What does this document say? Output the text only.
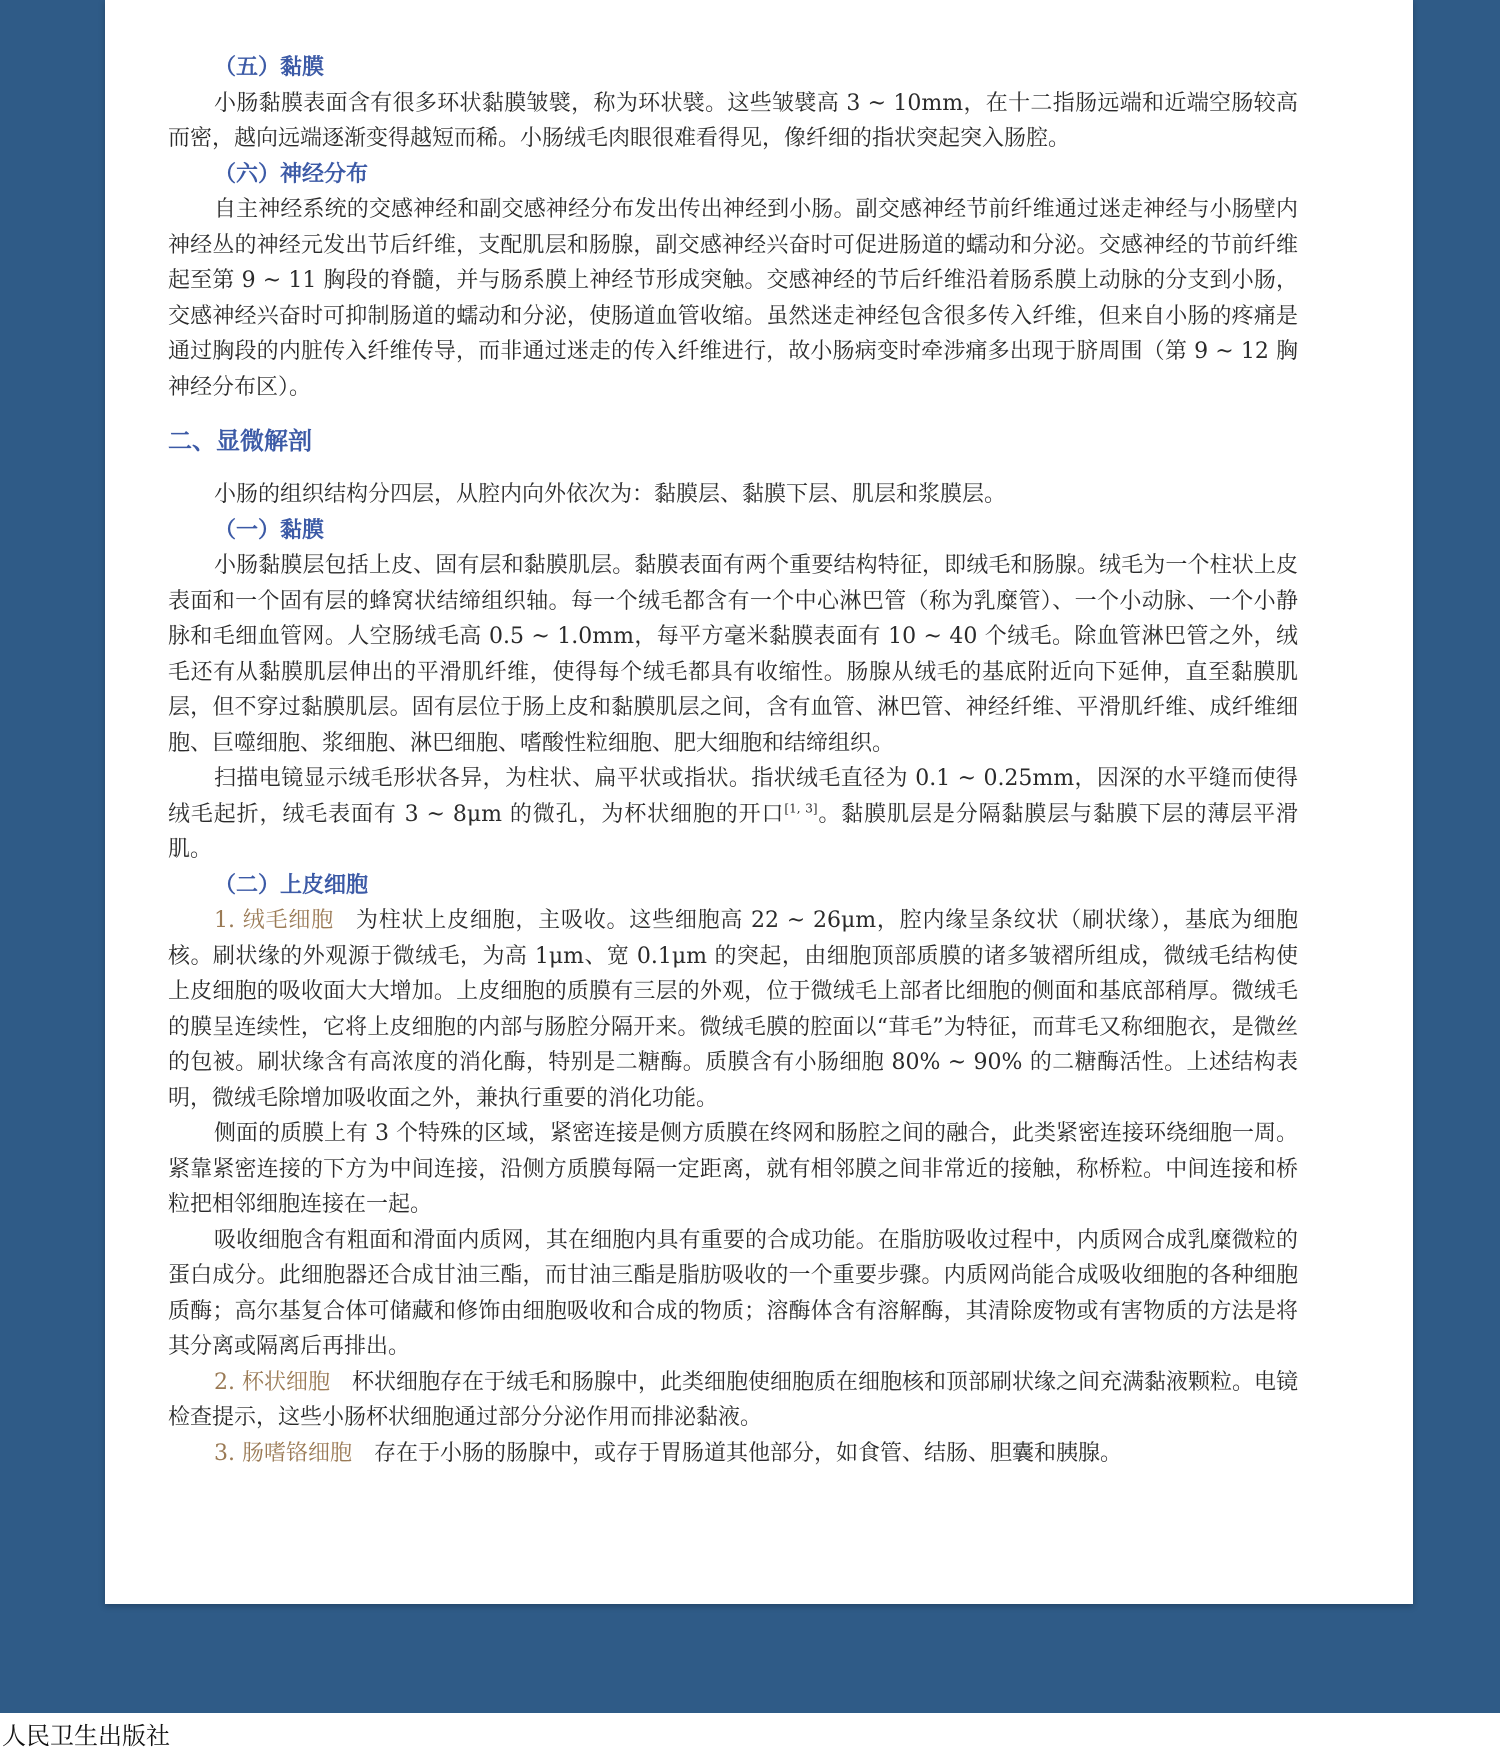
（五）黏膜

小肠黏膜表面含有很多环状黏膜皱襞，称为环状襞。这些皱襞高 3 ~ 10mm，在十二指肠远端和近端空肠较高而密，越向远端逐渐变得越短而稀。小肠绒毛肉眼很难看得见，像纤细的指状突起突入肠腔。

（六）神经分布

自主神经系统的交感神经和副交感神经分布发出传出神经到小肠。副交感神经节前纤维通过迷走神经与小肠壁内神经丛的神经元发出节后纤维，支配肌层和肠腺，副交感神经兴奋时可促进肠道的蠕动和分泌。交感神经的节前纤维起至第 9 ~ 11 胸段的脊髓，并与肠系膜上神经节形成突触。交感神经的节后纤维沿着肠系膜上动脉的分支到小肠，交感神经兴奋时可抑制肠道的蠕动和分泌，使肠道血管收缩。虽然迷走神经包含很多传入纤维，但来自小肠的疼痛是通过胸段的内脏传入纤维传导，而非通过迷走的传入纤维进行，故小肠病变时牵涉痛多出现于脐周围（第 9 ~ 12 胸神经分布区）。

二、显微解剖

小肠的组织结构分四层，从腔内向外依次为：黏膜层、黏膜下层、肌层和浆膜层。

（一）黏膜

小肠黏膜层包括上皮、固有层和黏膜肌层。黏膜表面有两个重要结构特征，即绒毛和肠腺。绒毛为一个柱状上皮表面和一个固有层的蜂窝状结缔组织轴。每一个绒毛都含有一个中心淋巴管（称为乳糜管）、一个小动脉、一个小静脉和毛细血管网。人空肠绒毛高 0.5 ~ 1.0mm，每平方毫米黏膜表面有 10 ~ 40 个绒毛。除血管淋巴管之外，绒毛还有从黏膜肌层伸出的平滑肌纤维，使得每个绒毛都具有收缩性。肠腺从绒毛的基底附近向下延伸，直至黏膜肌层，但不穿过黏膜肌层。固有层位于肠上皮和黏膜肌层之间，含有血管、淋巴管、神经纤维、平滑肌纤维、成纤维细胞、巨噬细胞、浆细胞、淋巴细胞、嗜酸性粒细胞、肥大细胞和结缔组织。

扫描电镜显示绒毛形状各异，为柱状、扁平状或指状。指状绒毛直径为 0.1 ~ 0.25mm，因深的水平缝而使得绒毛起折，绒毛表面有 3 ~ 8μm 的微孔，为杯状细胞的开口[1, 3]。黏膜肌层是分隔黏膜层与黏膜下层的薄层平滑肌。

（二）上皮细胞

1. 绒毛细胞 为柱状上皮细胞，主吸收。这些细胞高 22 ~ 26μm，腔内缘呈条纹状（刷状缘），基底为细胞核。刷状缘的外观源于微绒毛，为高 1μm、宽 0.1μm 的突起，由细胞顶部质膜的诸多皱褶所组成，微绒毛结构使上皮细胞的吸收面大大增加。上皮细胞的质膜有三层的外观，位于微绒毛上部者比细胞的侧面和基底部稍厚。微绒毛的膜呈连续性，它将上皮细胞的内部与肠腔分隔开来。微绒毛膜的腔面以“茸毛”为特征，而茸毛又称细胞衣，是微丝的包被。刷状缘含有高浓度的消化酶，特别是二糖酶。质膜含有小肠细胞 80% ~ 90% 的二糖酶活性。上述结构表明，微绒毛除增加吸收面之外，兼执行重要的消化功能。

侧面的质膜上有 3 个特殊的区域，紧密连接是侧方质膜在终网和肠腔之间的融合，此类紧密连接环绕细胞一周。紧靠紧密连接的下方为中间连接，沿侧方质膜每隔一定距离，就有相邻膜之间非常近的接触，称桥粒。中间连接和桥粒把相邻细胞连接在一起。

吸收细胞含有粗面和滑面内质网，其在细胞内具有重要的合成功能。在脂肪吸收过程中，内质网合成乳糜微粒的蛋白成分。此细胞器还合成甘油三酯，而甘油三酯是脂肪吸收的一个重要步骤。内质网尚能合成吸收细胞的各种细胞质酶；高尔基复合体可储藏和修饰由细胞吸收和合成的物质；溶酶体含有溶解酶，其清除废物或有害物质的方法是将其分离或隔离后再排出。

2. 杯状细胞 杯状细胞存在于绒毛和肠腺中，此类细胞使细胞质在细胞核和顶部刷状缘之间充满黏液颗粒。电镜检查提示，这些小肠杯状细胞通过部分分泌作用而排泌黏液。

3. 肠嗜铬细胞 存在于小肠的肠腺中，或存于胃肠道其他部分，如食管、结肠、胆囊和胰腺。

人民卫生出版社
